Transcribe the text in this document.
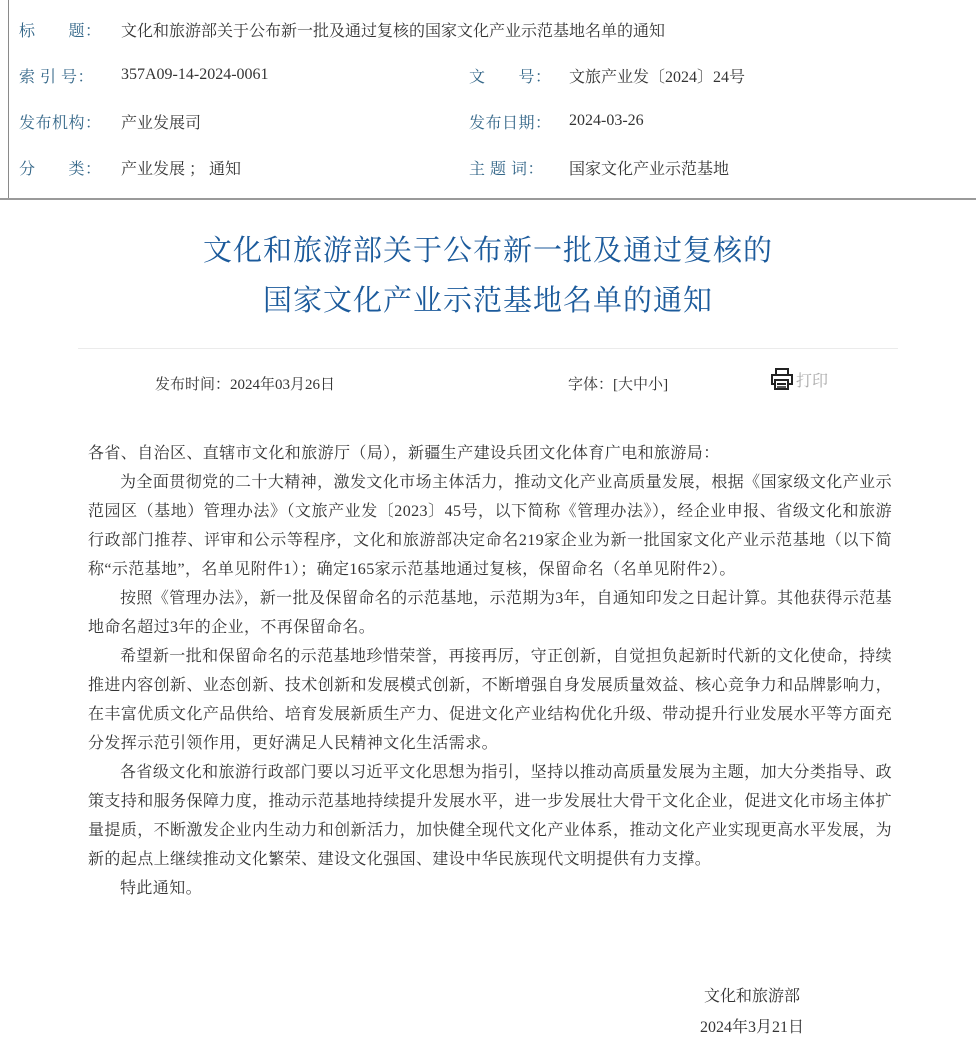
标　　题：	文化和旅游部关于公布新一批及通过复核的国家文化产业示范基地名单的通知
索 引 号：	357A09-14-2024-0061	文　　号：	文旅产业发〔2024〕24号
发布机构：	产业发展司	发布日期：	2024-03-26
分　　类：	产业发展 ； 通知	主 题 词：	国家文化产业示范基地
文化和旅游部关于公布新一批及通过复核的
国家文化产业示范基地名单的通知
发布时间：2024年03月26日	字体：[大中小]	打印

各省、自治区、直辖市文化和旅游厅（局），新疆生产建设兵团文化体育广电和旅游局：

为全面贯彻党的二十大精神，激发文化市场主体活力，推动文化产业高质量发展，根据《国家级文化产业示范园区（基地）管理办法》（文旅产业发〔2023〕45号，以下简称《管理办法》），经企业申报、省级文化和旅游行政部门推荐、评审和公示等程序，文化和旅游部决定命名219家企业为新一批国家文化产业示范基地（以下简称“示范基地”，名单见附件1）；确定165家示范基地通过复核，保留命名（名单见附件2）。

按照《管理办法》，新一批及保留命名的示范基地，示范期为3年，自通知印发之日起计算。其他获得示范基地命名超过3年的企业，不再保留命名。

希望新一批和保留命名的示范基地珍惜荣誉，再接再厉，守正创新，自觉担负起新时代新的文化使命，持续推进内容创新、业态创新、技术创新和发展模式创新，不断增强自身发展质量效益、核心竞争力和品牌影响力，在丰富优质文化产品供给、培育发展新质生产力、促进文化产业结构优化升级、带动提升行业发展水平等方面充分发挥示范引领作用，更好满足人民精神文化生活需求。

各省级文化和旅游行政部门要以习近平文化思想为指引，坚持以推动高质量发展为主题，加大分类指导、政策支持和服务保障力度，推动示范基地持续提升发展水平，进一步发展壮大骨干文化企业，促进文化市场主体扩量提质，不断激发企业内生动力和创新活力，加快健全现代文化产业体系，推动文化产业实现更高水平发展，为新的起点上继续推动文化繁荣、建设文化强国、建设中华民族现代文明提供有力支撑。

特此通知。

文化和旅游部
2024年3月21日
